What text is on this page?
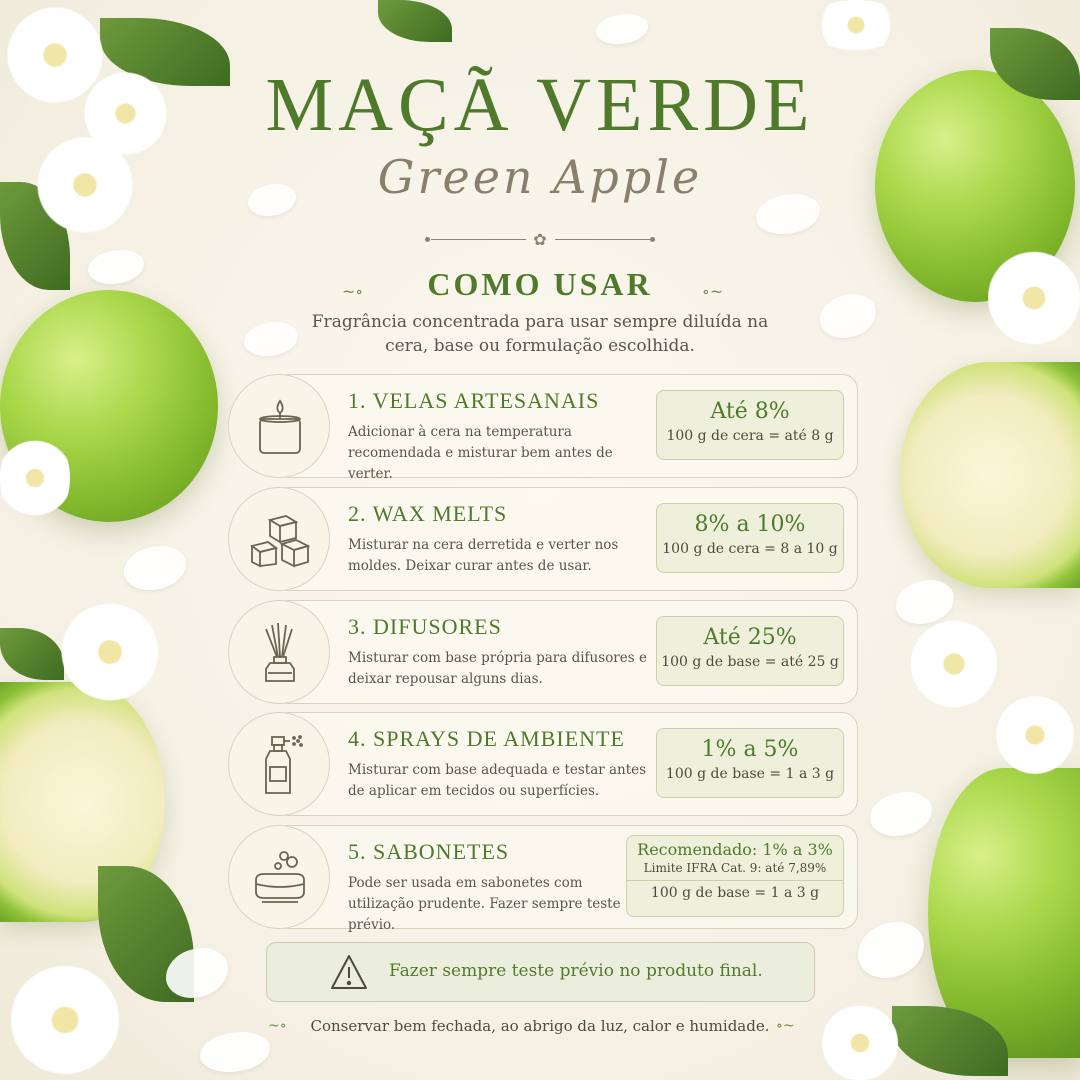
MAÇÃ VERDE
Green Apple
✿
~∘	COMO USAR	∘~

Fragrância concentrada para usar sempre diluída na cera, base ou formulação escolhida.

1. VELAS ARTESANAIS
Adicionar à cera na temperatura recomendada e misturar bem antes de verter.
Até 8%
100 g de cera = até 8 g
2. WAX MELTS
Misturar na cera derretida e verter nos moldes. Deixar curar antes de usar.
8% a 10%
100 g de cera = 8 a 10 g
3. DIFUSORES
Misturar com base própria para difusores e deixar repousar alguns dias.
Até 25%
100 g de base = até 25 g
4. SPRAYS DE AMBIENTE
Misturar com base adequada e testar antes de aplicar em tecidos ou superfícies.
1% a 5%
100 g de base = 1 a 3 g
5. SABONETES
Pode ser usada em sabonetes com utilização prudente. Fazer sempre teste prévio.
Recomendado: 1% a 3%
Limite IFRA Cat. 9: até 7,89%
100 g de base = 1 a 3 g
Fazer sempre teste prévio no produto final.
~∘	Conservar bem fechada, ao abrigo da luz, calor e humidade. ∘~
